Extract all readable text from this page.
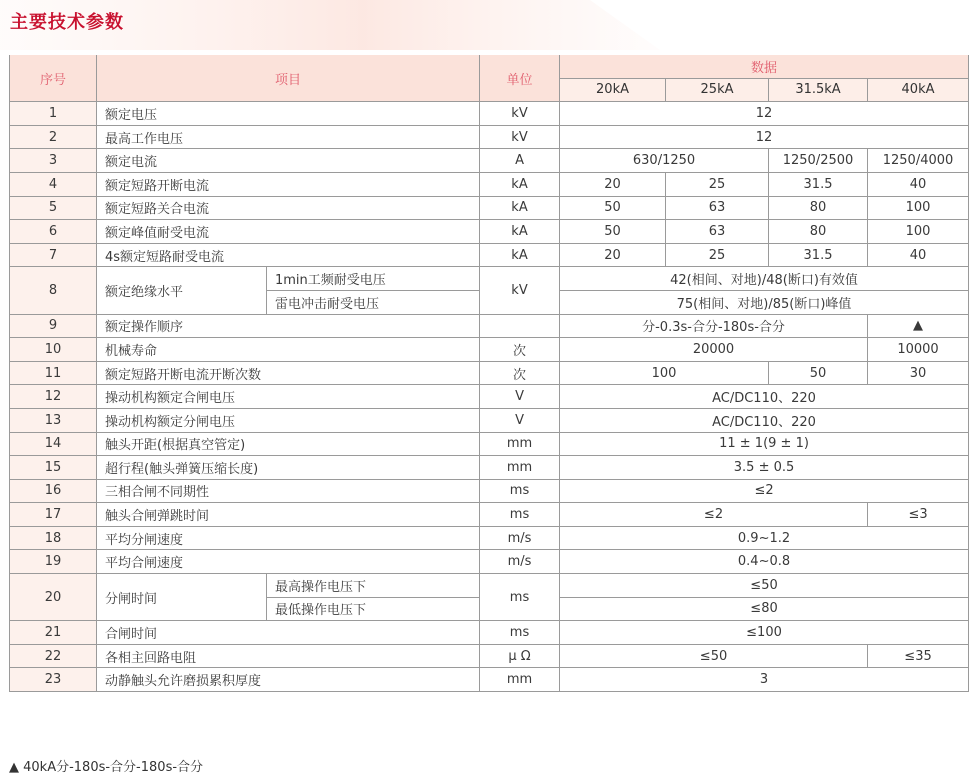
主要技术参数
序号	项目		单位	数据			
				20kA	25kA	31.5kA	40kA
1	额定电压		kV	12			
2	最高工作电压		kV	12			
3	额定电流		A	630/1250		1250/2500	1250/4000
4	额定短路开断电流		kA	20	25	31.5	40
5	额定短路关合电流		kA	50	63	80	100
6	额定峰值耐受电流		kA	50	63	80	100
7	4s额定短路耐受电流		kA	20	25	31.5	40
8	额定绝缘水平	1min工频耐受电压	kV	42(相间、对地)/48(断口)有效值			
		雷电冲击耐受电压		75(相间、对地)/85(断口)峰值			
9	额定操作顺序			分-0.3s-合分-180s-合分			▲
10	机械寿命		次	20000			10000
11	额定短路开断电流开断次数		次	100		50	30
12	操动机构额定合闸电压		V	AC/DC110、220			
13	操动机构额定分闸电压		V	AC/DC110、220			
14	触头开距(根据真空管定)		mm	11 ± 1(9 ± 1)			
15	超行程(触头弹簧压缩长度)		mm	3.5 ± 0.5			
16	三相合闸不同期性		ms	≤2			
17	触头合闸弹跳时间		ms	≤2			≤3
18	平均分闸速度		m/s	0.9~1.2			
19	平均合闸速度		m/s	0.4~0.8			
20	分闸时间	最高操作电压下	ms	≤50			
		最低操作电压下		≤80			
21	合闸时间		ms	≤100			
22	各相主回路电阻		μ Ω	≤50			≤35
23	动静触头允许磨损累积厚度		mm	3			
▲ 40kA分-180s-合分-180s-合分
